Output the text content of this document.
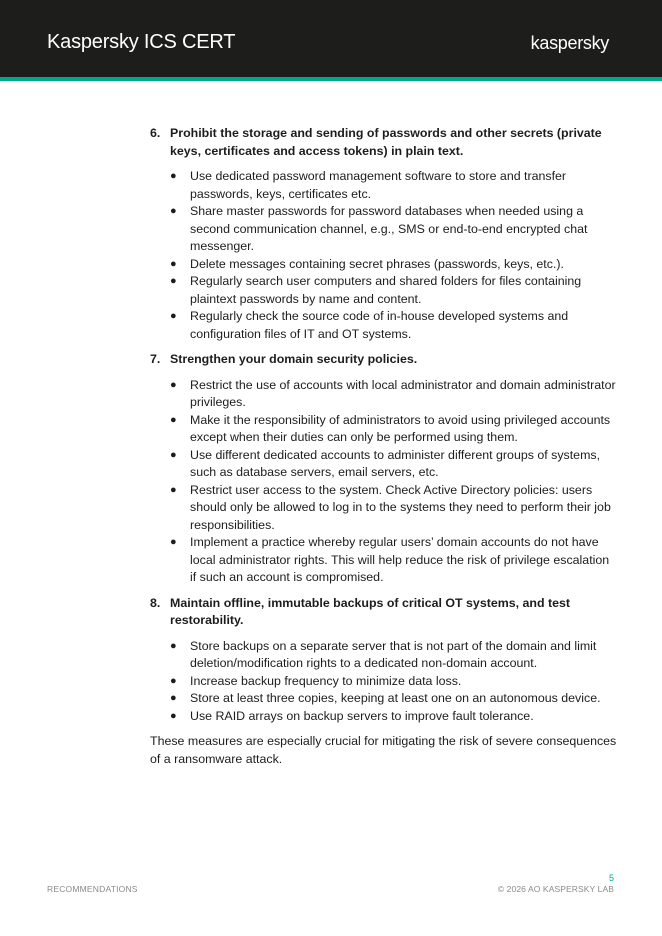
Kaspersky ICS CERT	kaspersky
6. Prohibit the storage and sending of passwords and other secrets (private keys, certificates and access tokens) in plain text.
●	Use dedicated password management software to store and transfer passwords, keys, certificates etc.
●	Share master passwords for password databases when needed using a second communication channel, e.g., SMS or end-to-end encrypted chat messenger.
●	Delete messages containing secret phrases (passwords, keys, etc.).
●	Regularly search user computers and shared folders for files containing plaintext passwords by name and content.
●	Regularly check the source code of in-house developed systems and configuration files of IT and OT systems.
7. Strengthen your domain security policies.
●	Restrict the use of accounts with local administrator and domain administrator privileges.
●	Make it the responsibility of administrators to avoid using privileged accounts except when their duties can only be performed using them.
●	Use different dedicated accounts to administer different groups of systems, such as database servers, email servers, etc.
●	Restrict user access to the system. Check Active Directory policies: users should only be allowed to log in to the systems they need to perform their job responsibilities.
●	Implement a practice whereby regular users’ domain accounts do not have local administrator rights. This will help reduce the risk of privilege escalation if such an account is compromised.
8. Maintain offline, immutable backups of critical OT systems, and test restorability.
●	Store backups on a separate server that is not part of the domain and limit deletion/modification rights to a dedicated non-domain account.
●	Increase backup frequency to minimize data loss.
●	Store at least three copies, keeping at least one on an autonomous device.
●	Use RAID arrays on backup servers to improve fault tolerance.

These measures are especially crucial for mitigating the risk of severe consequences of a ransomware attack.

5
RECOMMENDATIONS	© 2026 AO KASPERSKY LAB
